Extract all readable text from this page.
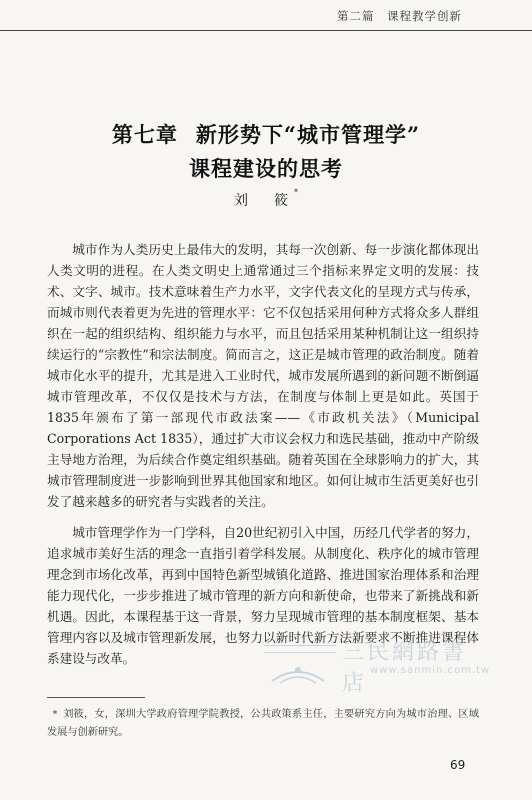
第二篇　课程教学创新
第七章 新形势下“城市管理学”
课程建设的思考
刘　筱*

城市作为人类历史上最伟大的发明，其每一次创新、每一步演化都体现出人类文明的进程。在人类文明史上通常通过三个指标来界定文明的发展：技术、文字、城市。技术意味着生产力水平，文字代表文化的呈现方式与传承，而城市则代表着更为先进的管理水平：它不仅包括采用何种方式将众多人群组织在一起的组织结构、组织能力与水平，而且包括采用某种机制让这一组织持续运行的“宗教性”和宗法制度。简而言之，这正是城市管理的政治制度。随着城市化水平的提升，尤其是进入工业时代，城市发展所遇到的新问题不断倒逼城市管理改革，不仅仅是技术与方法，在制度与体制上更是如此。英国于1835年颁布了第一部现代市政法案——《市政机关法》（Municipal Corporations Act 1835），通过扩大市议会权力和选民基础，推动中产阶级主导地方治理，为后续合作奠定组织基础。随着英国在全球影响力的扩大，其城市管理制度进一步影响到世界其他国家和地区。如何让城市生活更美好也引发了越来越多的研究者与实践者的关注。

城市管理学作为一门学科，自20世纪初引入中国，历经几代学者的努力，追求城市美好生活的理念一直指引着学科发展。从制度化、秩序化的城市管理理念到市场化改革，再到中国特色新型城镇化道路、推进国家治理体系和治理能力现代化，一步步推进了城市管理的新方向和新使命，也带来了新挑战和新机遇。因此，本课程基于这一背景，努力呈现城市管理的基本制度框架、基本管理内容以及城市管理新发展，也努力以新时代新方法新要求不断推进课程体系建设与改革。	三民網路書店
www.sanmin.com.tw
* 刘筱，女，深圳大学政府管理学院教授，公共政策系主任，主要研究方向为城市治理、区域发展与创新研究。
69
